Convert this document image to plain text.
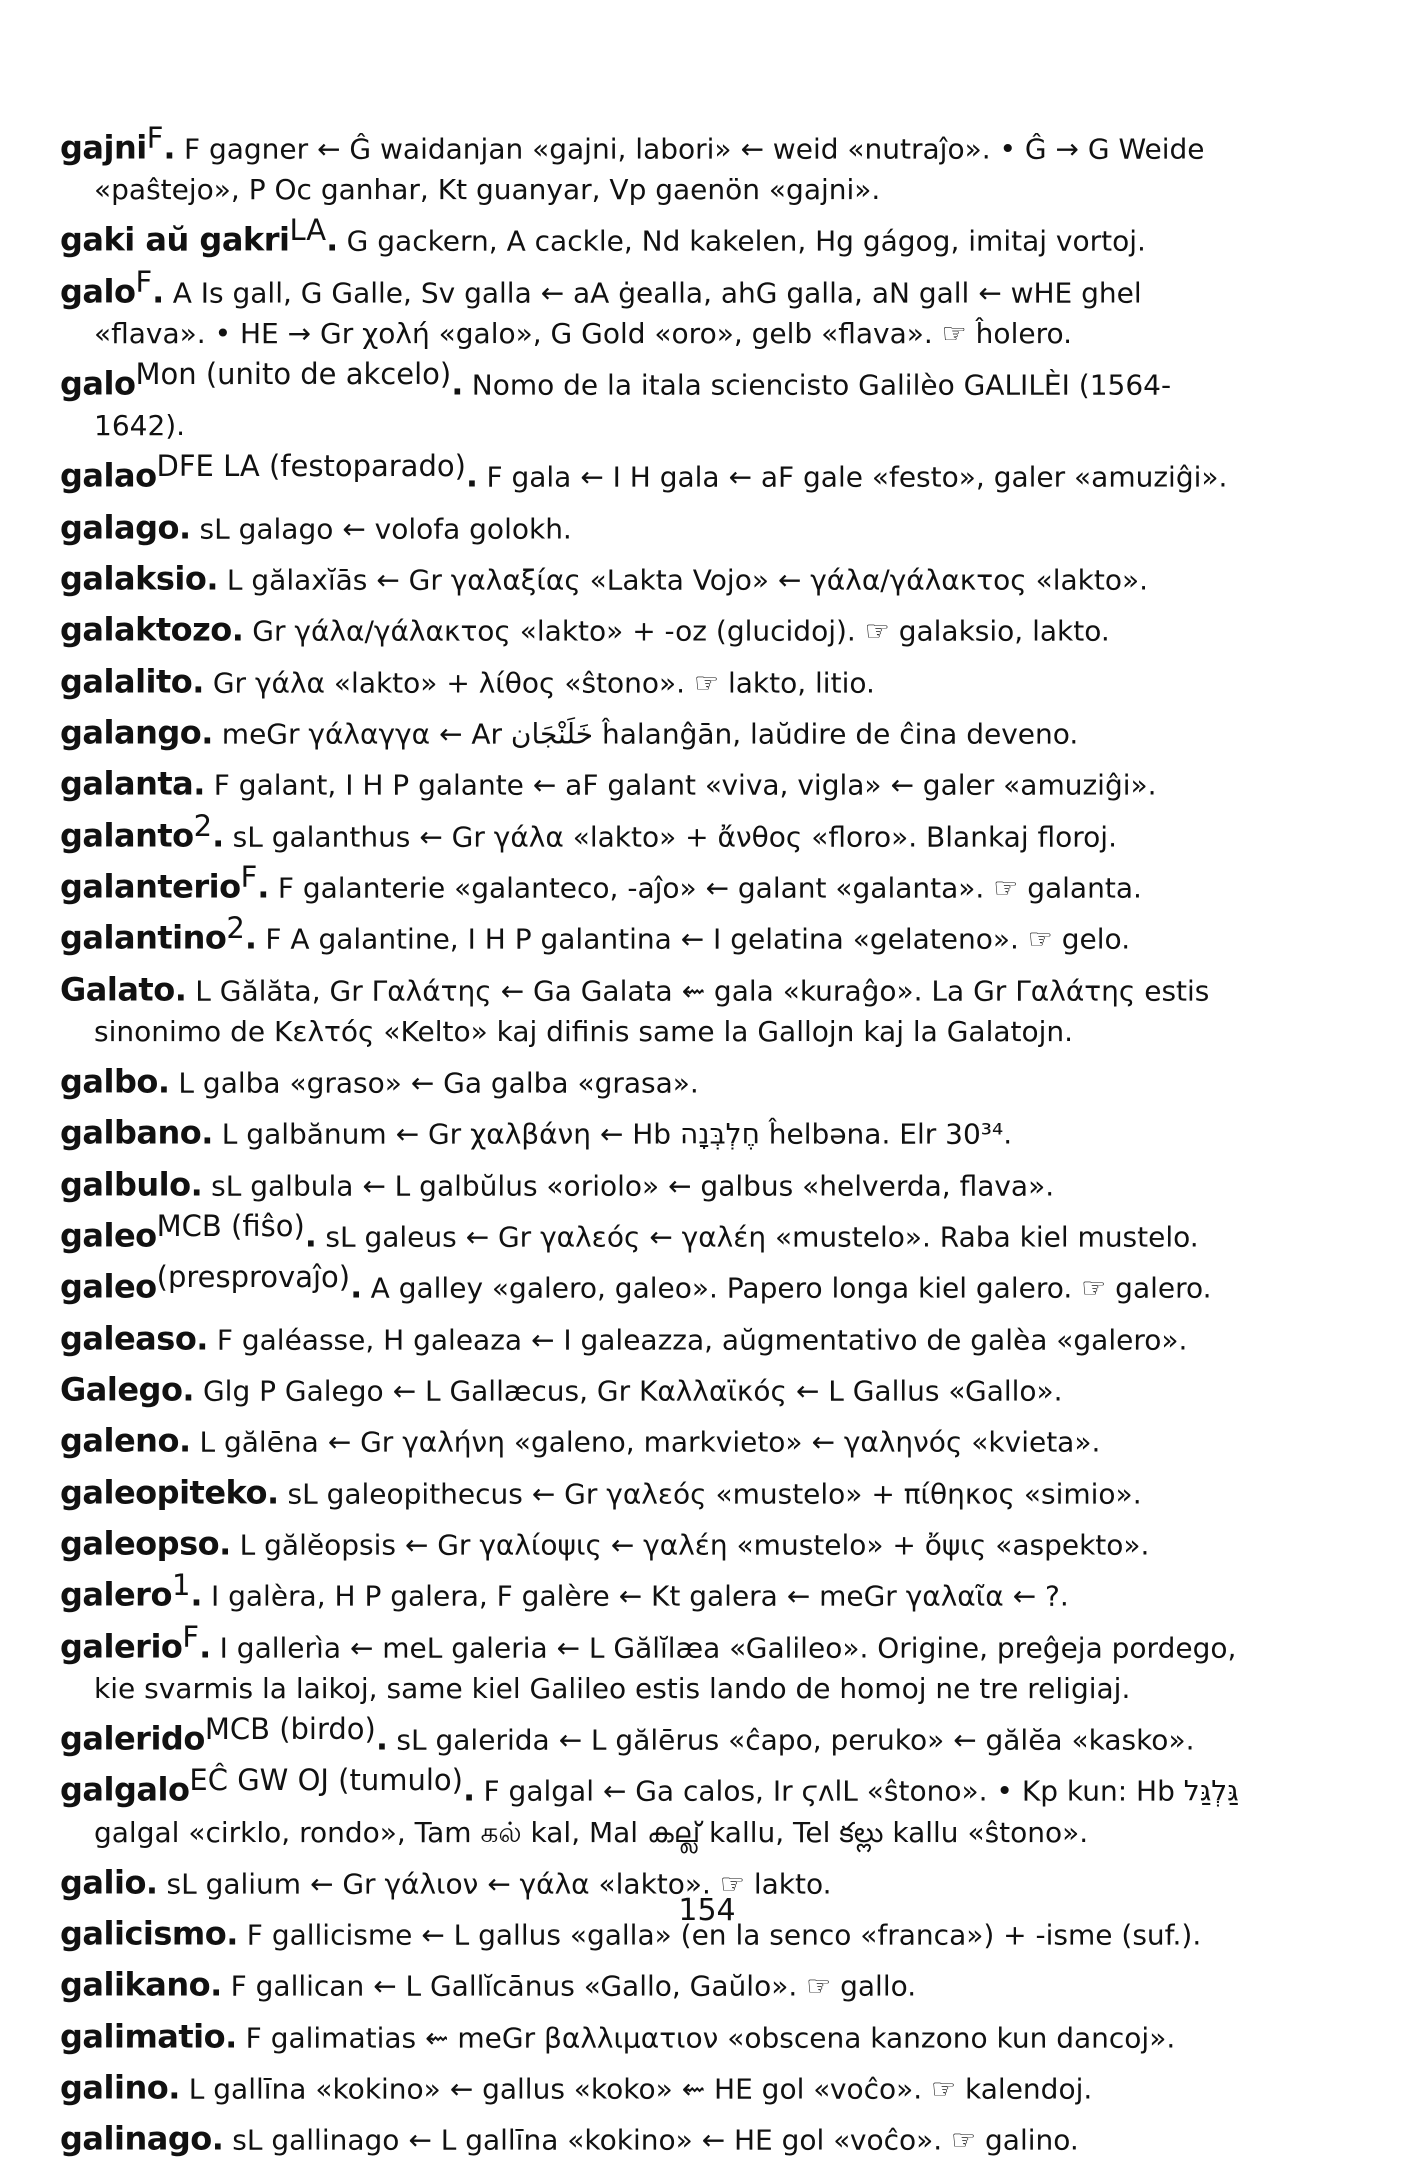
gajni$^F$. F gagner ← Ĝ waidanjan «gajni, labori» ← weid «nutraĵo». • Ĝ → G Weide «paŝtejo», P Oc ganhar, Kt guanyar, Vp gaenön «gajni».

gaki aŭ gakri$^{LA}$. G gackern, A cackle, Nd kakelen, Hg gágog, imitaj vortoj.

galo$^F$. A Is gall, G Galle, Sv galla ← aA ġealla, ahG galla, aN gall ← wHE ghel «flava». • HE → Gr χολή «galo», G Gold «oro», gelb «flava». ☞ ĥolero.

galo$^{Mon (unito de akcelo)}$. Nomo de la itala sciencisto Galilèo GALILÈI (1564-1642).

galao$^{DFE LA (festoparado)}$. F gala ← I H gala ← aF gale «festo», galer «amuziĝi».

galago. sL galago ← volofa golokh.

galaksio. L gălaxĭās ← Gr γαλαξίας «Lakta Vojo» ← γάλα/γάλακτος «lakto».

galaktozo. Gr γάλα/γάλακτος «lakto» + -oz (glucidoj). ☞ galaksio, lakto.

galalito. Gr γάλα «lakto» + λίθος «ŝtono». ☞ lakto, litio.

galango. meGr γάλαγγα ← Ar خَلَنْجَان ĥalanĝān, laŭdire de ĉina deveno.

galanta. F galant, I H P galante ← aF galant «viva, vigla» ← galer «amuziĝi».

galanto$^2$. sL galanthus ← Gr γάλα «lakto» + ἄνθος «floro». Blankaj floroj.

galanterio$^F$. F galanterie «galanteco, -aĵo» ← galant «galanta». ☞ galanta.

galantino$^2$. F A galantine, I H P galantina ← I gelatina «gelateno». ☞ gelo.

Galato. L Gălăta, Gr Γαλάτης ← Ga Galata ⇜ gala «kuraĝo». La Gr Γαλάτης estis sinonimo de Κελτός «Kelto» kaj difinis same la Gallojn kaj la Galatojn.

galbo. L galba «graso» ← Ga galba «grasa».

galbano. L galbănum ← Gr χαλβάνη ← Hb חֶלְבְּנָה ĥelbəna. Elr 30³⁴.

galbulo. sL galbula ← L galbŭlus «oriolo» ← galbus «helverda, flava».

galeo$^{MCB (fiŝo)}$. sL galeus ← Gr γαλεός ← γαλέη «mustelo». Raba kiel mustelo.

galeo$^{(presprovaĵo)}$. A galley «galero, galeo». Papero longa kiel galero. ☞ galero.

galeaso. F galéasse, H galeaza ← I galeazza, aŭgmentativo de galèa «galero».

Galego. Glg P Galego ← L Gallæcus, Gr Καλλαϊκός ← L Gallus «Gallo».

galeno. L gălēna ← Gr γαλήνη «galeno, markvieto» ← γαληνός «kvieta».

galeopiteko. sL galeopithecus ← Gr γαλεός «mustelo» + πίθηκος «simio».

galeopso. L gălĕopsis ← Gr γαλίοψις ← γαλέη «mustelo» + ὄψις «aspekto».

galero$^1$. I galèra, H P galera, F galère ← Kt galera ← meGr γαλαῖα ← ?.

galerio$^F$. I gallerìa ← meL galeria ← L Gălĭlæa «Galileo». Origine, preĝeja pordego, kie svarmis la laikoj, same kiel Galileo estis lando de homoj ne tre religiaj.

galerido$^{MCB (birdo)}$. sL galerida ← L gălērus «ĉapo, peruko» ← gălĕa «kasko».

galgalo$^{EĈ GW OJ (tumulo)}$. F galgal ← Ga calos, Ir ϛᴧlL «ŝtono». • Kp kun: Hb גַּלְגַּל galgal «cirklo, rondo», Tam கல் kal, Mal കല്ല് kallu, Tel కల్లు kallu «ŝtono».

galio. sL galium ← Gr γάλιον ← γάλα «lakto». ☞ lakto.

galicismo. F gallicisme ← L gallus «galla» (en la senco «franca») + -isme (suf.).

galikano. F gallican ← L Gallĭcānus «Gallo, Gaŭlo». ☞ gallo.

galimatio. F galimatias ⇜ meGr βαλλιματιον «obscena kanzono kun dancoj».

galino. L gallīna «kokino» ← gallus «koko» ⇜ HE gol «voĉo». ☞ kalendoj.

galinago. sL gallinago ← L gallīna «kokino» ← HE gol «voĉo». ☞ galino.

154
